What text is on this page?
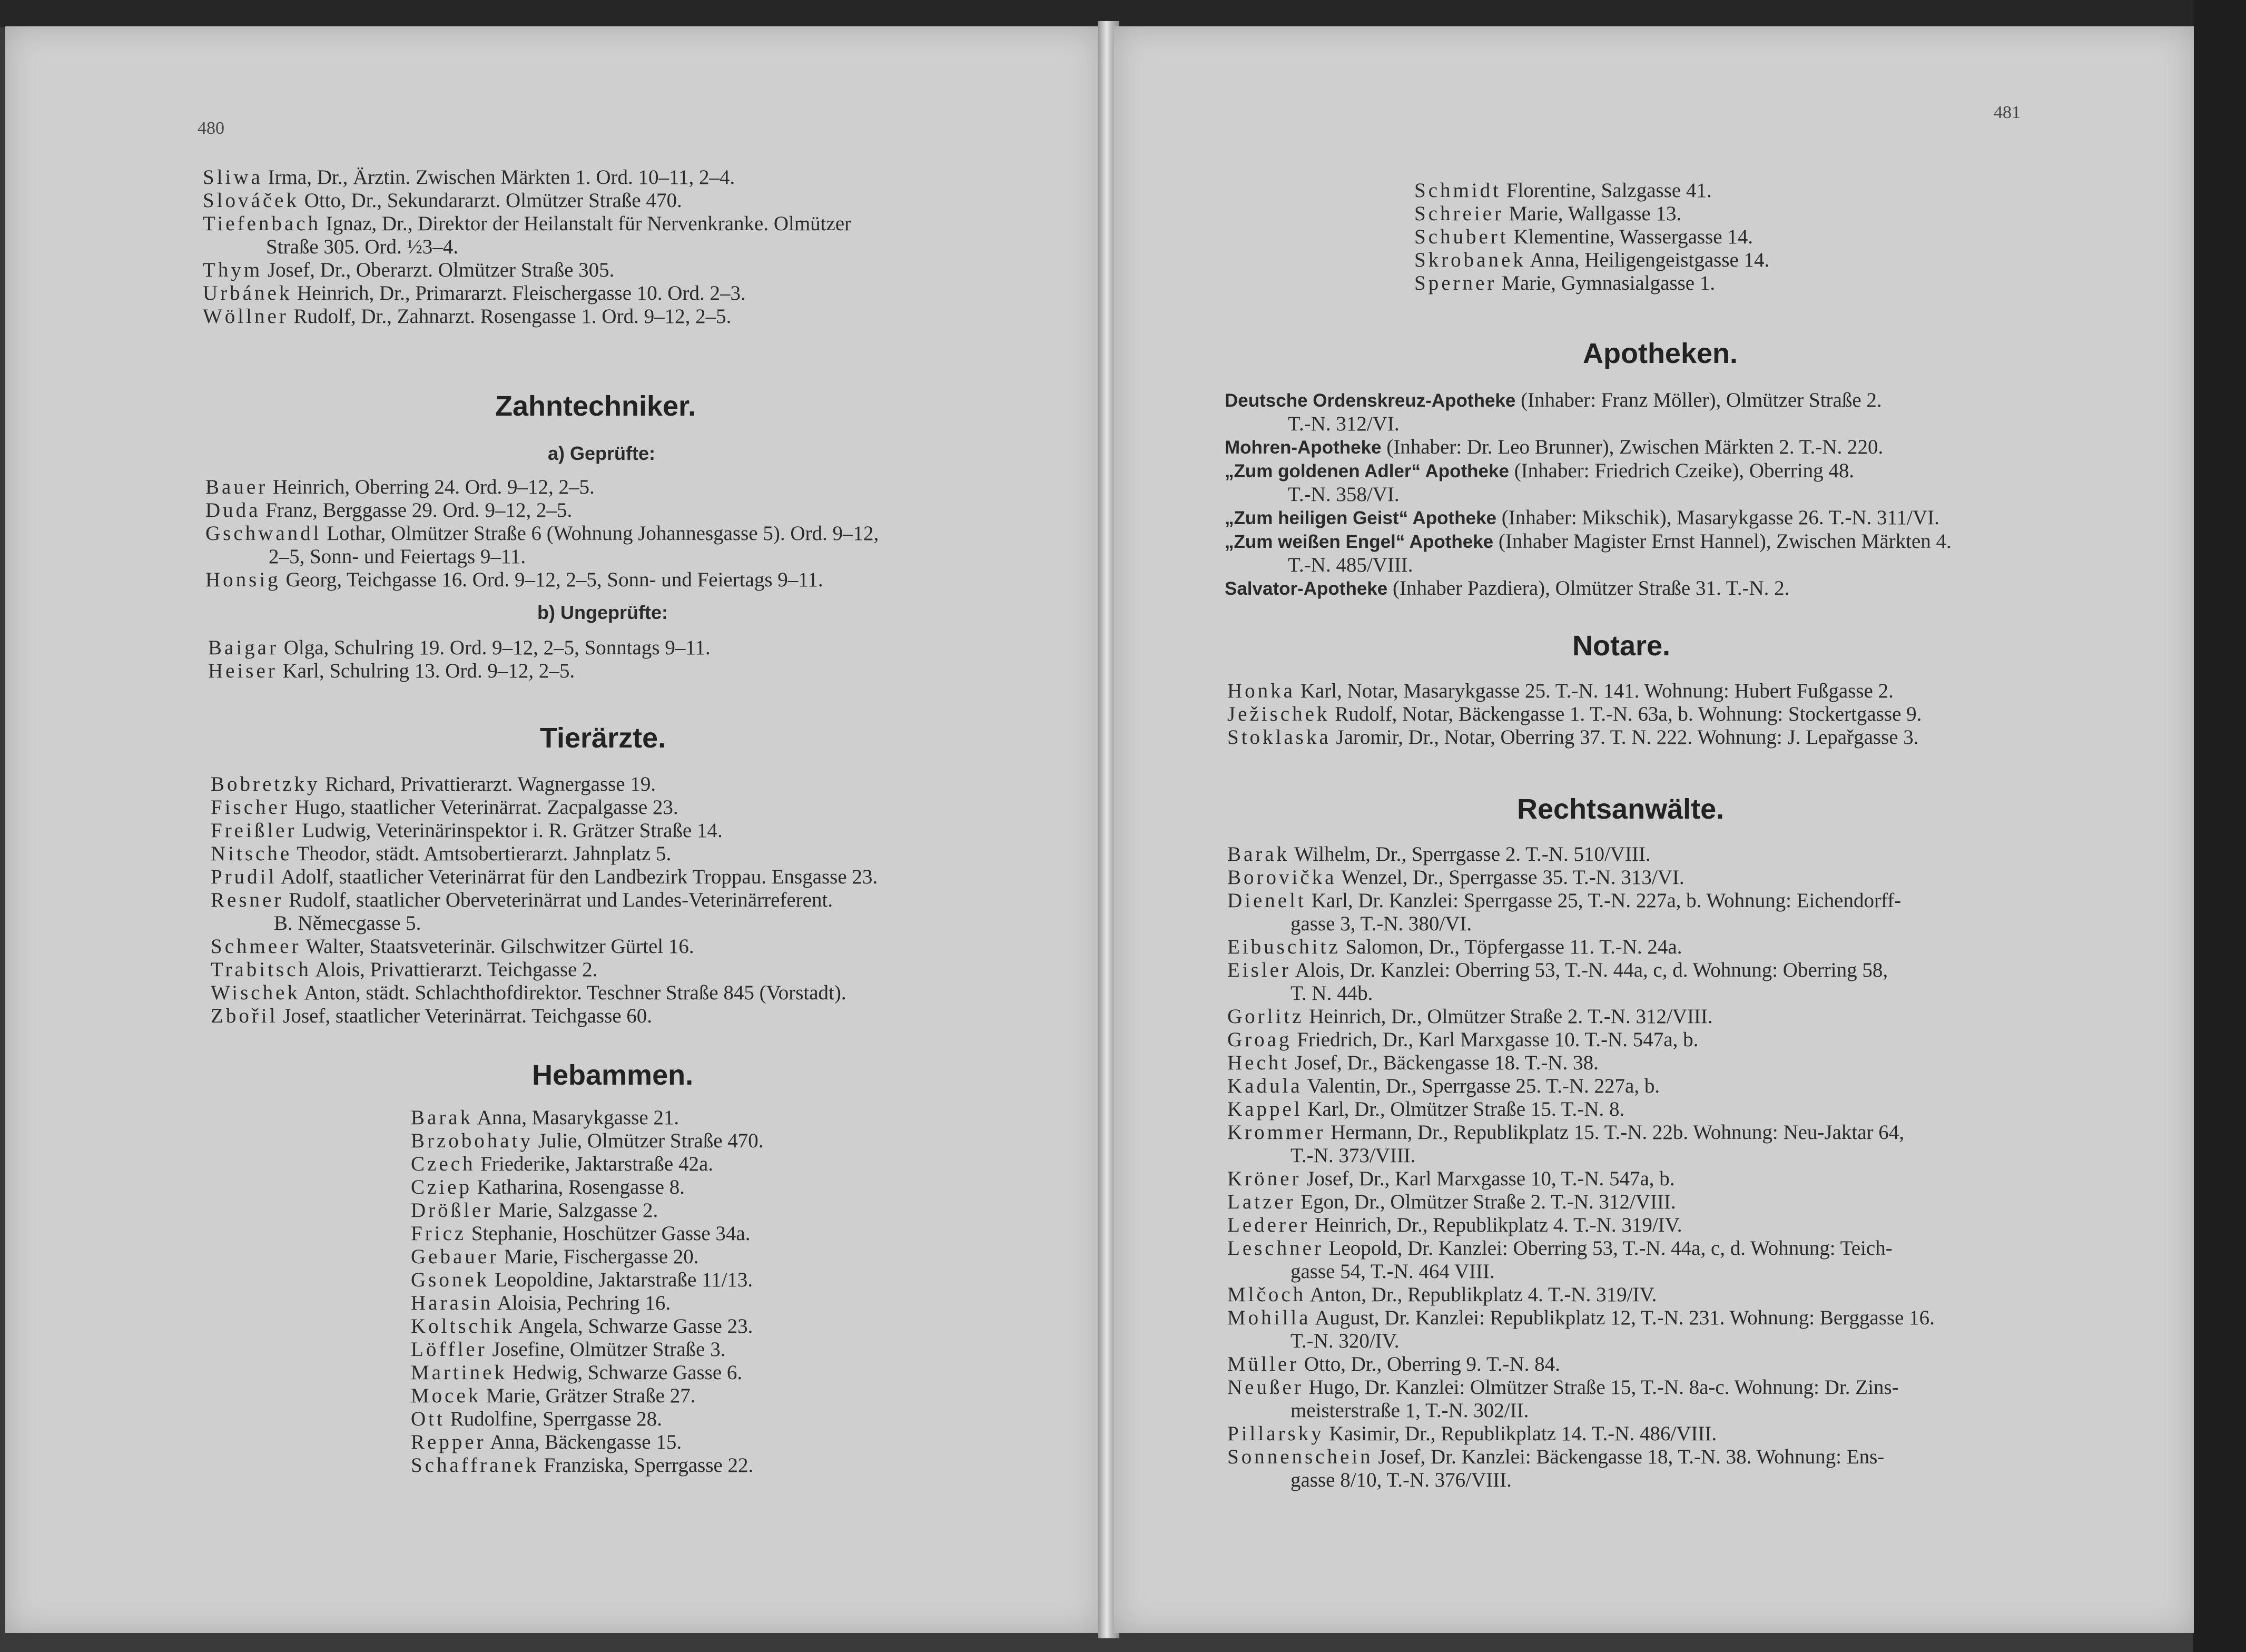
480

Sliwa Irma, Dr., Ärztin. Zwischen Märkten 1. Ord. 10–11, 2–4.

Slováček Otto, Dr., Sekundararzt. Olmützer Straße 470.

Tiefenbach Ignaz, Dr., Direktor der Heilanstalt für Nervenkranke. Olmützer

Straße 305. Ord. ½3–4.

Thym Josef, Dr., Oberarzt. Olmützer Straße 305.

Urbánek Heinrich, Dr., Primararzt. Fleischergasse 10. Ord. 2–3.

Wöllner Rudolf, Dr., Zahnarzt. Rosengasse 1. Ord. 9–12, 2–5.

Zahntechniker.
a) Geprüfte:

Bauer Heinrich, Oberring 24. Ord. 9–12, 2–5.

Duda Franz, Berggasse 29. Ord. 9–12, 2–5.

Gschwandl Lothar, Olmützer Straße 6 (Wohnung Johannesgasse 5). Ord. 9–12,

2–5, Sonn- und Feiertags 9–11.

Honsig Georg, Teichgasse 16. Ord. 9–12, 2–5, Sonn- und Feiertags 9–11.

b) Ungeprüfte:

Baigar Olga, Schulring 19. Ord. 9–12, 2–5, Sonntags 9–11.

Heiser Karl, Schulring 13. Ord. 9–12, 2–5.

Tierärzte.

Bobretzky Richard, Privattierarzt. Wagnergasse 19.

Fischer Hugo, staatlicher Veterinärrat. Zacpalgasse 23.

Freißler Ludwig, Veterinärinspektor i. R. Grätzer Straße 14.

Nitsche Theodor, städt. Amtsobertierarzt. Jahnplatz 5.

Prudil Adolf, staatlicher Veterinärrat für den Landbezirk Troppau. Ensgasse 23.

Resner Rudolf, staatlicher Oberveterinärrat und Landes-Veterinärreferent.

B. Němecgasse 5.

Schmeer Walter, Staatsveterinär. Gilschwitzer Gürtel 16.

Trabitsch Alois, Privattierarzt. Teichgasse 2.

Wischek Anton, städt. Schlachthofdirektor. Teschner Straße 845 (Vorstadt).

Zbořil Josef, staatlicher Veterinärrat. Teichgasse 60.

Hebammen.

Barak Anna, Masarykgasse 21.

Brzobohaty Julie, Olmützer Straße 470.

Czech Friederike, Jaktarstraße 42a.

Cziep Katharina, Rosengasse 8.

Drößler Marie, Salzgasse 2.

Fricz Stephanie, Hoschützer Gasse 34a.

Gebauer Marie, Fischergasse 20.

Gsonek Leopoldine, Jaktarstraße 11/13.

Harasin Aloisia, Pechring 16.

Koltschik Angela, Schwarze Gasse 23.

Löffler Josefine, Olmützer Straße 3.

Martinek Hedwig, Schwarze Gasse 6.

Mocek Marie, Grätzer Straße 27.

Ott Rudolfine, Sperrgasse 28.

Repper Anna, Bäckengasse 15.

Schaffranek Franziska, Sperrgasse 22.

481

Schmidt Florentine, Salzgasse 41.

Schreier Marie, Wallgasse 13.

Schubert Klementine, Wassergasse 14.

Skrobanek Anna, Heiligengeistgasse 14.

Sperner Marie, Gymnasialgasse 1.

Apotheken.

Deutsche Ordenskreuz-Apotheke (Inhaber: Franz Möller), Olmützer Straße 2.

T.-N. 312/VI.

Mohren-Apotheke (Inhaber: Dr. Leo Brunner), Zwischen Märkten 2. T.-N. 220.

„Zum goldenen Adler“ Apotheke (Inhaber: Friedrich Czeike), Oberring 48.

T.-N. 358/VI.

„Zum heiligen Geist“ Apotheke (Inhaber: Mikschik), Masarykgasse 26. T.-N. 311/VI.

„Zum weißen Engel“ Apotheke (Inhaber Magister Ernst Hannel), Zwischen Märkten 4.

T.-N. 485/VIII.

Salvator-Apotheke (Inhaber Pazdiera), Olmützer Straße 31. T.-N. 2.

Notare.

Honka Karl, Notar, Masarykgasse 25. T.-N. 141. Wohnung: Hubert Fußgasse 2.

Ježischek Rudolf, Notar, Bäckengasse 1. T.-N. 63a, b. Wohnung: Stockertgasse 9.

Stoklaska Jaromir, Dr., Notar, Oberring 37. T. N. 222. Wohnung: J. Lepařgasse 3.

Rechtsanwälte.

Barak Wilhelm, Dr., Sperrgasse 2. T.-N. 510/VIII.

Borovička Wenzel, Dr., Sperrgasse 35. T.-N. 313/VI.

Dienelt Karl, Dr. Kanzlei: Sperrgasse 25, T.-N. 227a, b. Wohnung: Eichendorff-

gasse 3, T.-N. 380/VI.

Eibuschitz Salomon, Dr., Töpfergasse 11. T.-N. 24a.

Eisler Alois, Dr. Kanzlei: Oberring 53, T.-N. 44a, c, d. Wohnung: Oberring 58,

T. N. 44b.

Gorlitz Heinrich, Dr., Olmützer Straße 2. T.-N. 312/VIII.

Groag Friedrich, Dr., Karl Marxgasse 10. T.-N. 547a, b.

Hecht Josef, Dr., Bäckengasse 18. T.-N. 38.

Kadula Valentin, Dr., Sperrgasse 25. T.-N. 227a, b.

Kappel Karl, Dr., Olmützer Straße 15. T.-N. 8.

Krommer Hermann, Dr., Republikplatz 15. T.-N. 22b. Wohnung: Neu-Jaktar 64,

T.-N. 373/VIII.

Kröner Josef, Dr., Karl Marxgasse 10, T.-N. 547a, b.

Latzer Egon, Dr., Olmützer Straße 2. T.-N. 312/VIII.

Lederer Heinrich, Dr., Republikplatz 4. T.-N. 319/IV.

Leschner Leopold, Dr. Kanzlei: Oberring 53, T.-N. 44a, c, d. Wohnung: Teich-

gasse 54, T.-N. 464 VIII.

Mlčoch Anton, Dr., Republikplatz 4. T.-N. 319/IV.

Mohilla August, Dr. Kanzlei: Republikplatz 12, T.-N. 231. Wohnung: Berggasse 16.

T.-N. 320/IV.

Müller Otto, Dr., Oberring 9. T.-N. 84.

Neußer Hugo, Dr. Kanzlei: Olmützer Straße 15, T.-N. 8a-c. Wohnung: Dr. Zins-

meisterstraße 1, T.-N. 302/II.

Pillarsky Kasimir, Dr., Republikplatz 14. T.-N. 486/VIII.

Sonnenschein Josef, Dr. Kanzlei: Bäckengasse 18, T.-N. 38. Wohnung: Ens-

gasse 8/10, T.-N. 376/VIII.
